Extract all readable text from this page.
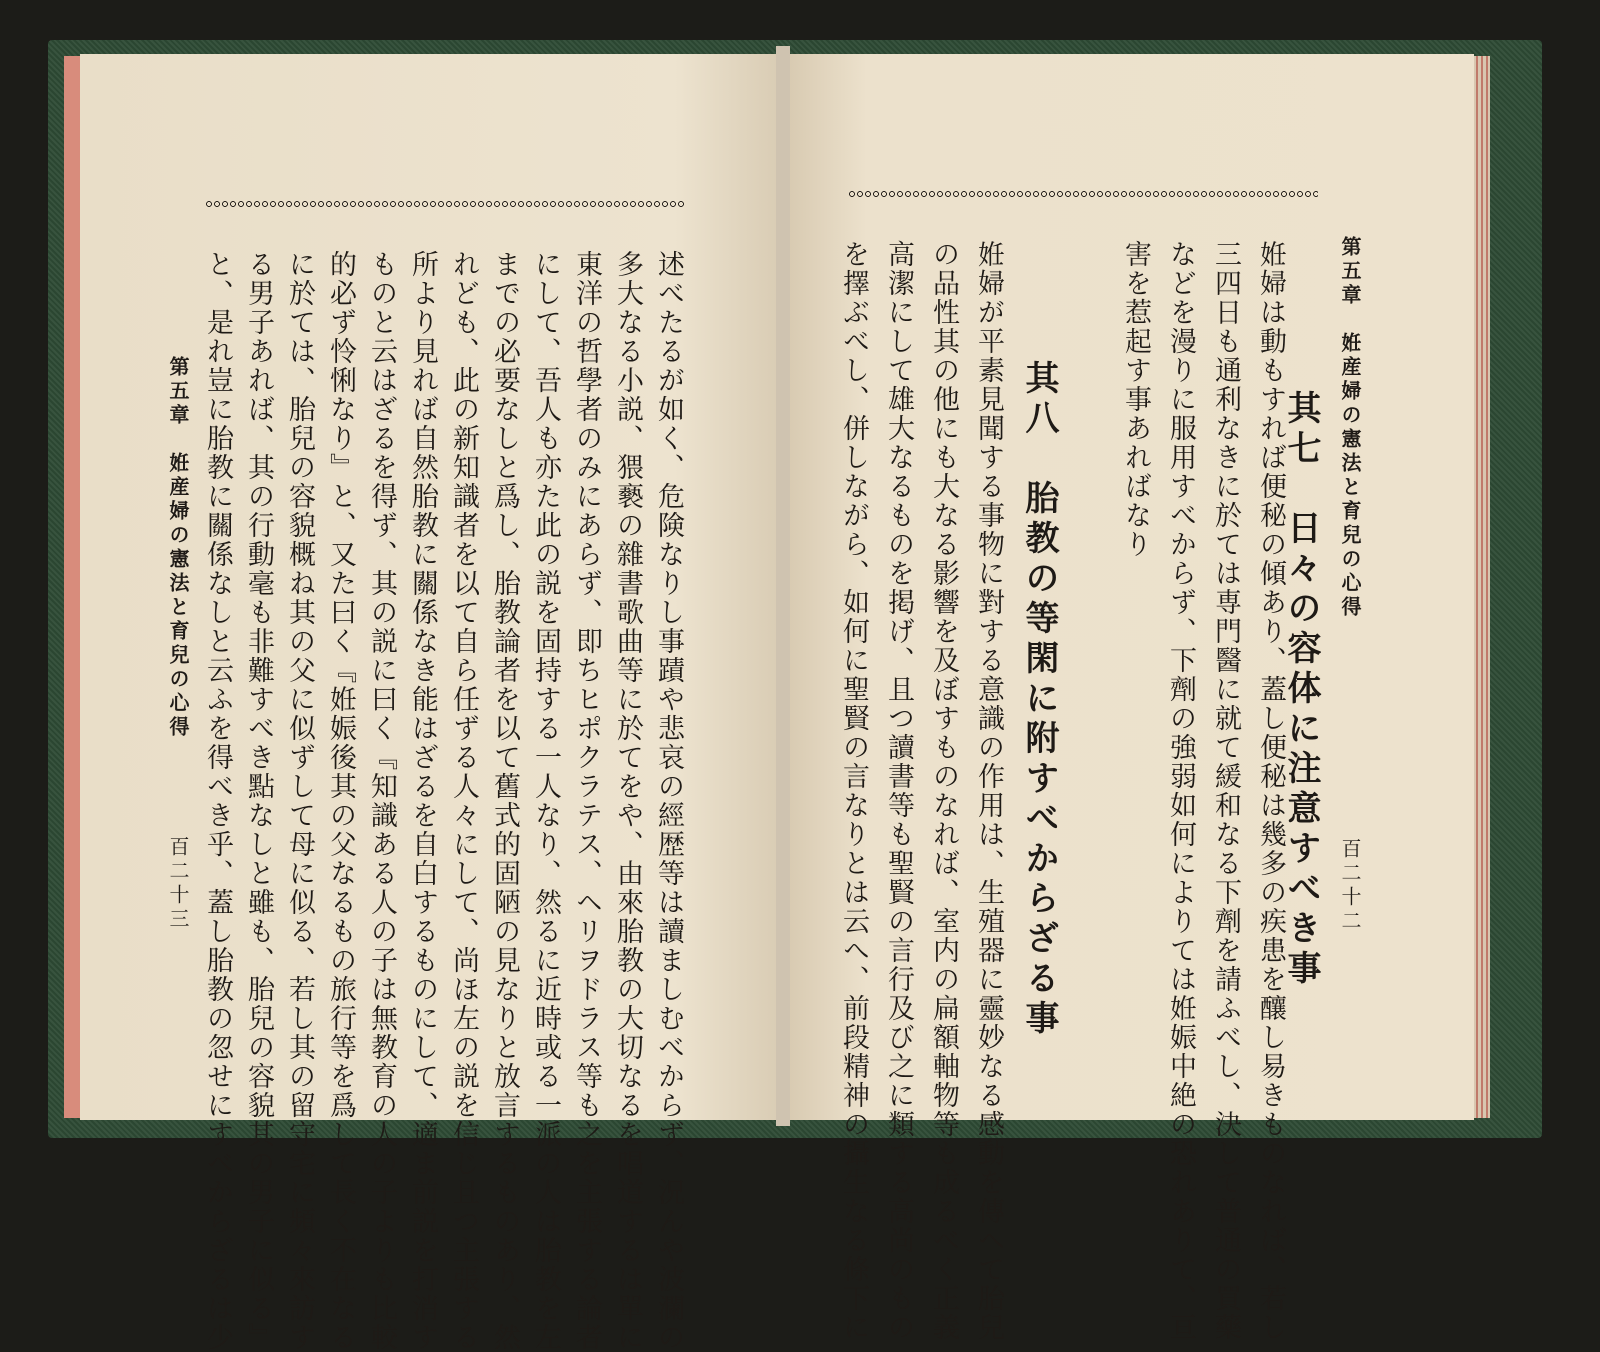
第五章　姙産婦の憲法と育兒の心得
百二十二
姙婦は動もすれば便秘の傾あり、蓋し便秘は幾多の疾患を釀し易きものなれば、若し
三四日も通利なきに於ては専門醫に就て緩和なる下劑を請ふべし、決して普通の買藥
などを漫りに服用すべからず、下劑の強弱如何によりては姙娠中絶の恐れありて、亘
害を惹起す事あればなり	其七　日々の容体に注意すべき事
其八　胎教の等閑に附すべからざる事
姙婦が平素見聞する事物に對する意識の作用は、生殖器に靈妙なる感動を傳へて胎兒
の品性其の他にも大なる影響を及ぼすものなれば、室内の扁額軸物等も成るべく正義
高潔にして雄大なるものを掲げ、且つ讀書等も聖賢の言行及び之に類する高尚のもの
を擇ぶべし、併しながら、如何に聖賢の言なりとは云へ、前段精神の攝生なる條下に
述べたるが如く、危険なりし事蹟や悲哀の經歴等は讀ましむべからず、況んや波瀾の
多大なる小説、猥褻の雜書歌曲等に於てをや、由來胎教の大切なるを唱道するは單に
東洋の哲學者のみにあらず、即ちヒポクラテス、ヘリヲドラス等も之を主張する論者
にして、吾人も亦た此の説を固持する一人なり、然るに近時或る一派の人は胎教を左
までの必要なしと爲し、胎教論者を以て舊式的固陋の見なりと放言するものあり、然
れども、此の新知識者を以て自ら任ずる人々にして、尚ほ左の説を信じ且つ主張する
所より見れば自然胎教に關係なき能はざるを自白するものにして、適ま前説を打消す
ものと云はざるを得ず、其の説に曰く『知識ある人の子は無教育の人の子よりも比較
的必ず怜悧なり』と、又た曰く『姙娠後其の父なるもの旅行等を爲して長く不在なる
に於ては、胎兒の容貌概ね其の父に似ずして母に似る、若し其の留守宅に頻々來訪す
る男子あれば、其の行動毫も非難すべき點なしと雖も、胎兒の容貌其の男子に似る』
と、是れ豈に胎教に關係なしと云ふを得べき乎、蓋し胎教の忽せにすべからざるは少
第五章　姙産婦の憲法と育兒の心得
百二十三
